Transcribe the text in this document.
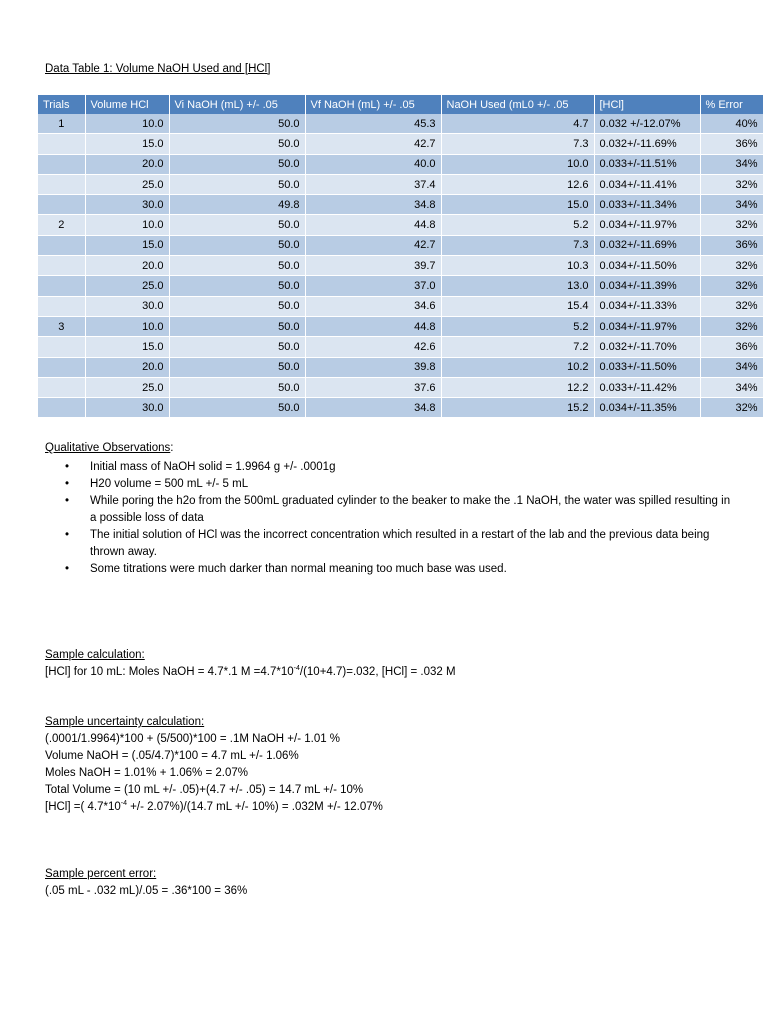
Data Table 1: Volume NaOH Used and [HCl]
Trials	Volume HCl	Vi NaOH (mL) +/- .05	Vf NaOH (mL) +/- .05	NaOH Used (mL0 +/- .05	[HCl]	% Error
1	10.0	50.0	45.3	4.7	0.032 +/-12.07%	40%
	15.0	50.0	42.7	7.3	0.032+/-11.69%	36%
	20.0	50.0	40.0	10.0	0.033+/-11.51%	34%
	25.0	50.0	37.4	12.6	0.034+/-11.41%	32%
	30.0	49.8	34.8	15.0	0.033+/-11.34%	34%
2	10.0	50.0	44.8	5.2	0.034+/-11.97%	32%
	15.0	50.0	42.7	7.3	0.032+/-11.69%	36%
	20.0	50.0	39.7	10.3	0.034+/-11.50%	32%
	25.0	50.0	37.0	13.0	0.034+/-11.39%	32%
	30.0	50.0	34.6	15.4	0.034+/-11.33%	32%
3	10.0	50.0	44.8	5.2	0.034+/-11.97%	32%
	15.0	50.0	42.6	7.2	0.032+/-11.70%	36%
	20.0	50.0	39.8	10.2	0.033+/-11.50%	34%
	25.0	50.0	37.6	12.2	0.033+/-11.42%	34%
	30.0	50.0	34.8	15.2	0.034+/-11.35%	32%
Qualitative Observations:
• Initial mass of NaOH solid = 1.9964 g +/- .0001g
• H20 volume = 500 mL +/- 5 mL
• While poring the h2o from the 500mL graduated cylinder to the beaker to make the .1 NaOH, the water was spilled resulting in a possible loss of data
• The initial solution of HCl was the incorrect concentration which resulted in a restart of the lab and the previous data being thrown away.
• Some titrations were much darker than normal meaning too much base was used.
Sample calculation:
[HCl] for 10 mL: Moles NaOH = 4.7*.1 $M =4.7*10^{-4}/(10+4.7)=.032$, [HCl] = .032 M
Sample uncertainty calculation:
(.0001/1.9964)*100 + (5/500)*100 = .1M NaOH +/- 1.01 %
Volume NaOH = (.05/4.7)*100 = 4.7 mL +/- 1.06%
Moles NaOH = 1.01% + 1.06% = 2.07%
Total Volume = (10 mL +/- .05)+(4.7 +/- .05) = 14.7 mL +/- 10%
[HCl] =( $4.7*10^{-4}$ +/- 2.07%)/(14.7 mL +/- 10%) = .032M +/- 12.07%
Sample percent error:
(.05 mL - .032 mL)/.05 = .36*100 = 36%
